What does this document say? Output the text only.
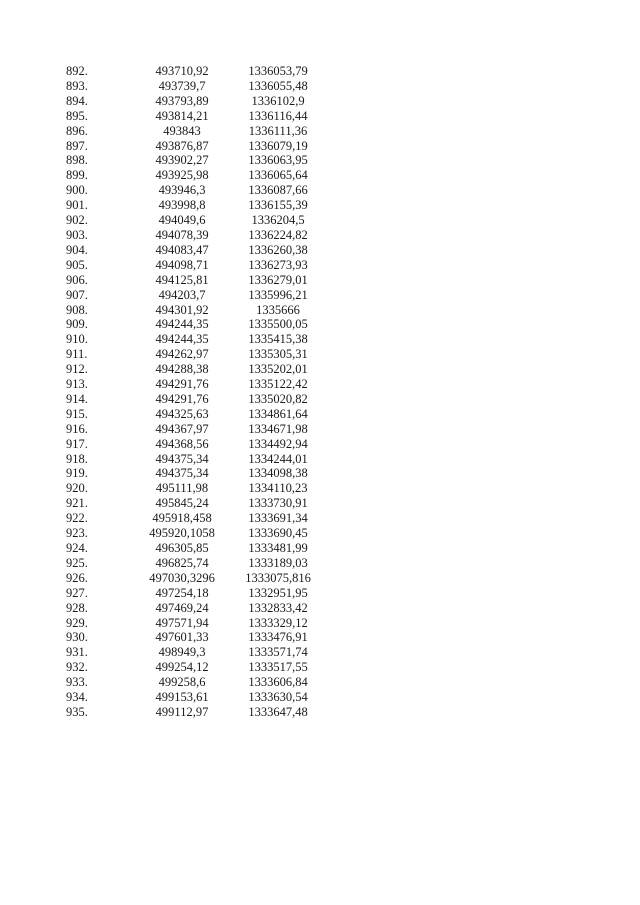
892.	493710,92	1336053,79
893.	493739,7	1336055,48
894.	493793,89	1336102,9
895.	493814,21	1336116,44
896.	493843	1336111,36
897.	493876,87	1336079,19
898.	493902,27	1336063,95
899.	493925,98	1336065,64
900.	493946,3	1336087,66
901.	493998,8	1336155,39
902.	494049,6	1336204,5
903.	494078,39	1336224,82
904.	494083,47	1336260,38
905.	494098,71	1336273,93
906.	494125,81	1336279,01
907.	494203,7	1335996,21
908.	494301,92	1335666
909.	494244,35	1335500,05
910.	494244,35	1335415,38
911.	494262,97	1335305,31
912.	494288,38	1335202,01
913.	494291,76	1335122,42
914.	494291,76	1335020,82
915.	494325,63	1334861,64
916.	494367,97	1334671,98
917.	494368,56	1334492,94
918.	494375,34	1334244,01
919.	494375,34	1334098,38
920.	495111,98	1334110,23
921.	495845,24	1333730,91
922.	495918,458	1333691,34
923.	495920,1058	1333690,45
924.	496305,85	1333481,99
925.	496825,74	1333189,03
926.	497030,3296	1333075,816
927.	497254,18	1332951,95
928.	497469,24	1332833,42
929.	497571,94	1333329,12
930.	497601,33	1333476,91
931.	498949,3	1333571,74
932.	499254,12	1333517,55
933.	499258,6	1333606,84
934.	499153,61	1333630,54
935.	499112,97	1333647,48
